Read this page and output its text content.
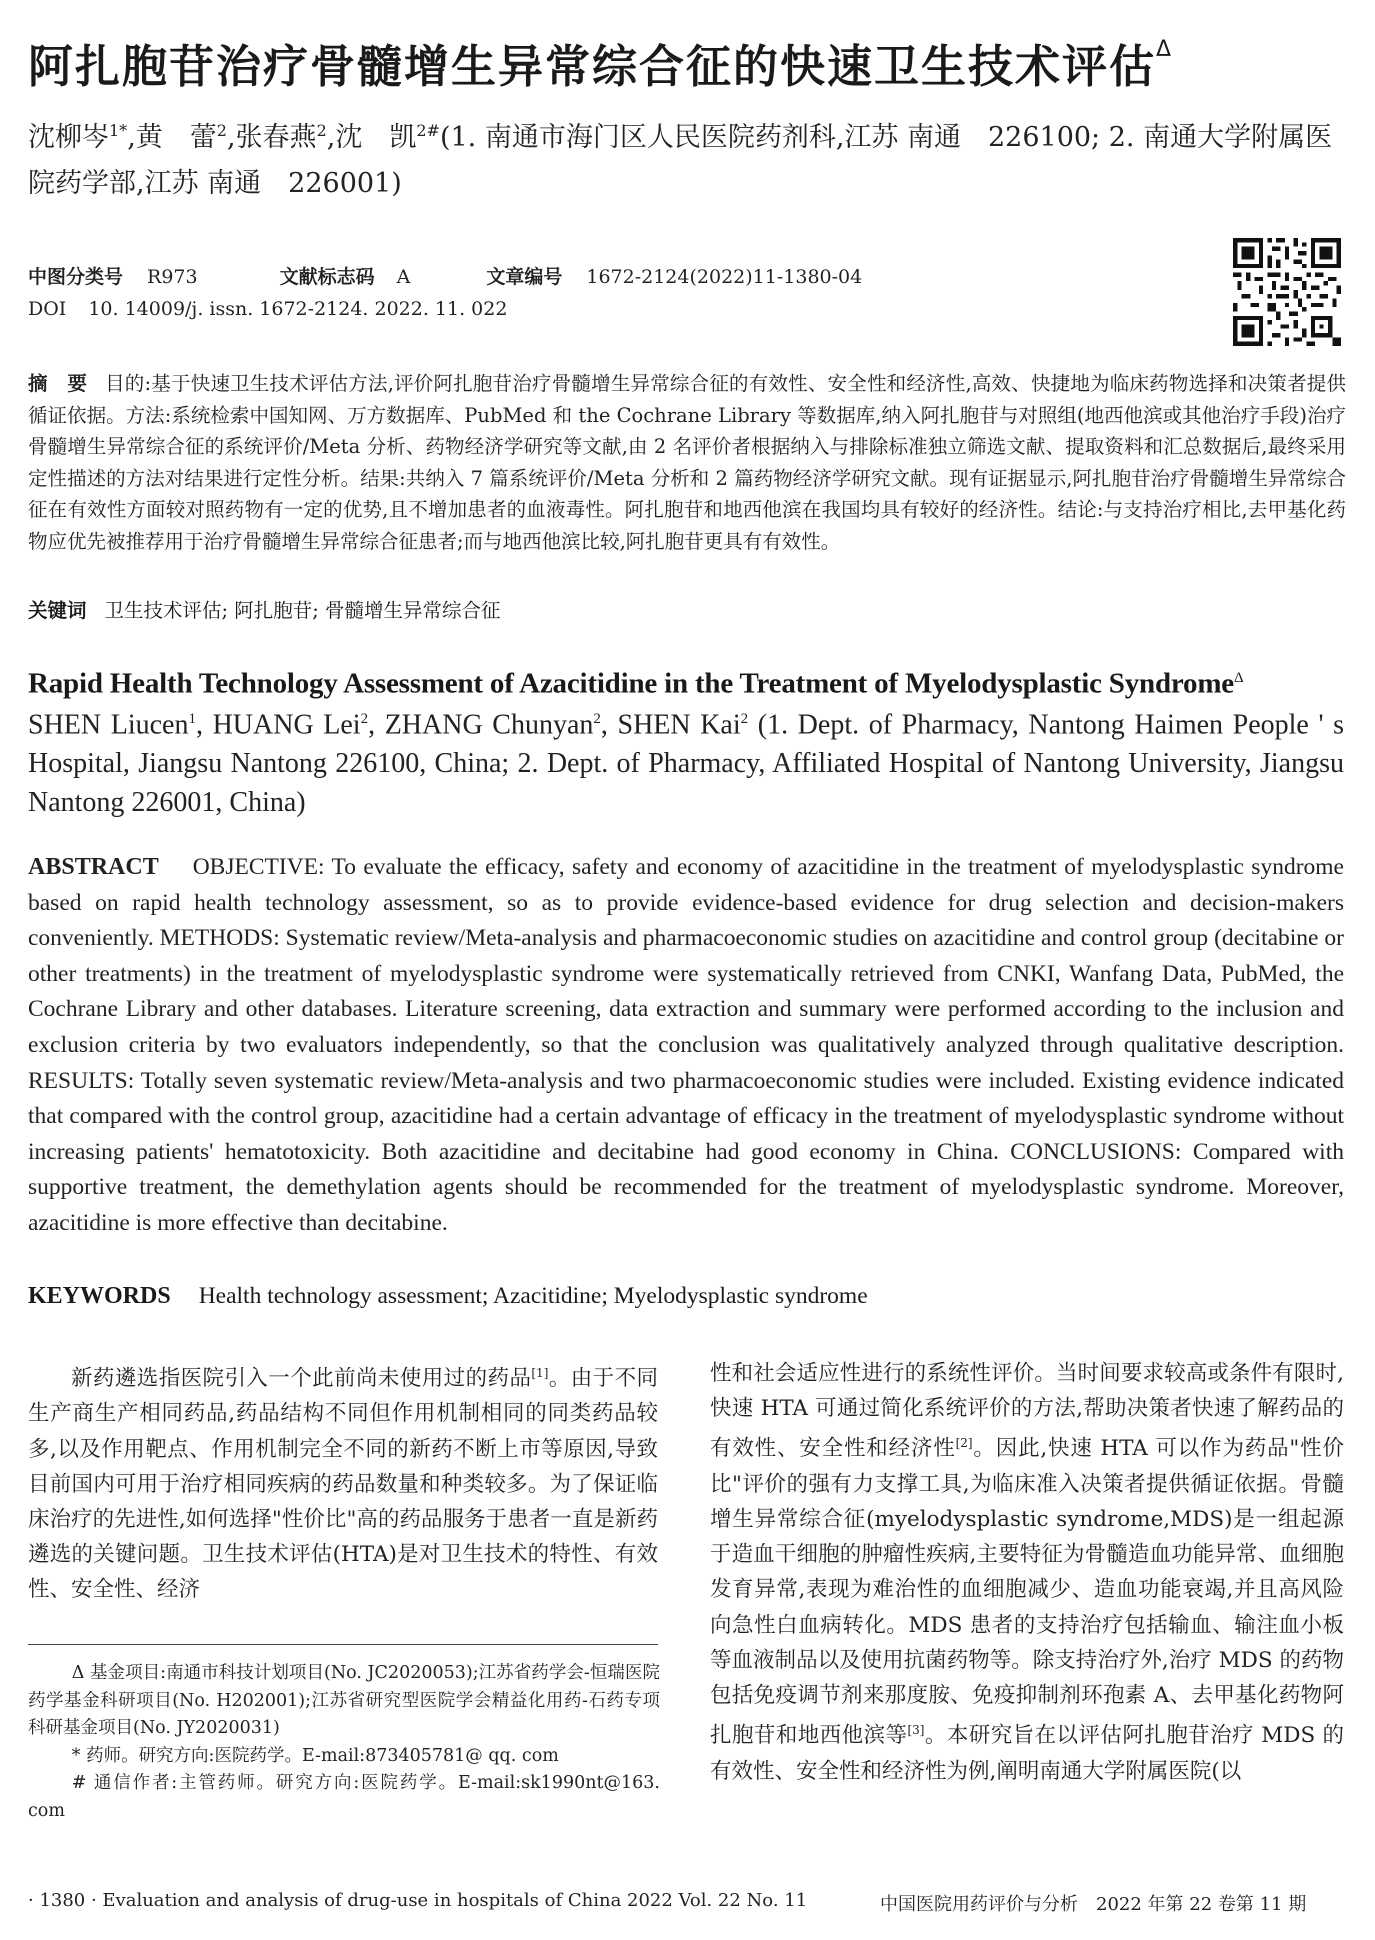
阿扎胞苷治疗骨髓增生异常综合征的快速卫生技术评估$^\Delta$
沈柳岑$^{1*}$,黄　蕾$^2$,张春燕$^2$,沈　凯$^{2\#}$(1. 南通市海门区人民医院药剂科,江苏 南通　226100; 2. 南通大学附属医院药学部,江苏 南通　226001)
中图分类号 R973	文献标志码 A	文章编号 1672-2124(2022)11-1380-04
DOI 10. 14009/j. issn. 1672-2124. 2022. 11. 022
摘　要 目的:基于快速卫生技术评估方法,评价阿扎胞苷治疗骨髓增生异常综合征的有效性、安全性和经济性,高效、快捷地为临床药物选择和决策者提供循证依据。方法:系统检索中国知网、万方数据库、PubMed 和 the Cochrane Library 等数据库,纳入阿扎胞苷与对照组(地西他滨或其他治疗手段)治疗骨髓增生异常综合征的系统评价/Meta 分析、药物经济学研究等文献,由 2 名评价者根据纳入与排除标准独立筛选文献、提取资料和汇总数据后,最终采用定性描述的方法对结果进行定性分析。结果:共纳入 7 篇系统评价/Meta 分析和 2 篇药物经济学研究文献。现有证据显示,阿扎胞苷治疗骨髓增生异常综合征在有效性方面较对照药物有一定的优势,且不增加患者的血液毒性。阿扎胞苷和地西他滨在我国均具有较好的经济性。结论:与支持治疗相比,去甲基化药物应优先被推荐用于治疗骨髓增生异常综合征患者;而与地西他滨比较,阿扎胞苷更具有有效性。
关键词 卫生技术评估; 阿扎胞苷; 骨髓增生异常综合征
Rapid Health Technology Assessment of Azacitidine in the Treatment of Myelodysplastic Syndrome$^\Delta$
SHEN Liucen$^1$, HUANG Lei$^2$, ZHANG Chunyan$^2$, SHEN Kai$^2$ (1. Dept. of Pharmacy, Nantong Haimen People ' s Hospital, Jiangsu Nantong 226100, China; 2. Dept. of Pharmacy, Affiliated Hospital of Nantong University, Jiangsu Nantong 226001, China)
ABSTRACT OBJECTIVE: To evaluate the efficacy, safety and economy of azacitidine in the treatment of myelodysplastic syndrome based on rapid health technology assessment, so as to provide evidence-based evidence for drug selection and decision-makers conveniently. METHODS: Systematic review/Meta-analysis and pharmacoeconomic studies on azacitidine and control group (decitabine or other treatments) in the treatment of myelodysplastic syndrome were systematically retrieved from CNKI, Wanfang Data, PubMed, the Cochrane Library and other databases. Literature screening, data extraction and summary were performed according to the inclusion and exclusion criteria by two evaluators independently, so that the conclusion was qualitatively analyzed through qualitative description. RESULTS: Totally seven systematic review/Meta-analysis and two pharmacoeconomic studies were included. Existing evidence indicated that compared with the control group, azacitidine had a certain advantage of efficacy in the treatment of myelodysplastic syndrome without increasing patients' hematotoxicity. Both azacitidine and decitabine had good economy in China. CONCLUSIONS: Compared with supportive treatment, the demethylation agents should be recommended for the treatment of myelodysplastic syndrome. Moreover, azacitidine is more effective than decitabine.
KEYWORDS Health technology assessment; Azacitidine; Myelodysplastic syndrome
新药遴选指医院引入一个此前尚未使用过的药品[1]。由于不同生产商生产相同药品,药品结构不同但作用机制相同的同类药品较多,以及作用靶点、作用机制完全不同的新药不断上市等原因,导致目前国内可用于治疗相同疾病的药品数量和种类较多。为了保证临床治疗的先进性,如何选择"性价比"高的药品服务于患者一直是新药遴选的关键问题。卫生技术评估(HTA)是对卫生技术的特性、有效性、安全性、经济
性和社会适应性进行的系统性评价。当时间要求较高或条件有限时,快速 HTA 可通过简化系统评价的方法,帮助决策者快速了解药品的有效性、安全性和经济性[2]。因此,快速 HTA 可以作为药品"性价比"评价的强有力支撑工具,为临床准入决策者提供循证依据。骨髓增生异常综合征(myelodysplastic syndrome,MDS)是一组起源于造血干细胞的肿瘤性疾病,主要特征为骨髓造血功能异常、血细胞发育异常,表现为难治性的血细胞减少、造血功能衰竭,并且高风险向急性白血病转化。MDS 患者的支持治疗包括输血、输注血小板等血液制品以及使用抗菌药物等。除支持治疗外,治疗 MDS 的药物包括免疫调节剂来那度胺、免疫抑制剂环孢素 A、去甲基化药物阿扎胞苷和地西他滨等[3]。本研究旨在以评估阿扎胞苷治疗 MDS 的有效性、安全性和经济性为例,阐明南通大学附属医院(以

Δ 基金项目:南通市科技计划项目(No. JC2020053);江苏省药学会-恒瑞医院药学基金科研项目(No. H202001);江苏省研究型医院学会精益化用药-石药专项科研基金项目(No. JY2020031)

* 药师。研究方向:医院药学。E-mail:873405781@ qq. com

# 通信作者:主管药师。研究方向:医院药学。E-mail:sk1990nt@163. com

· 1380 · Evaluation and analysis of drug-use in hospitals of China 2022 Vol. 22 No. 11	中国医院用药评价与分析　2022 年第 22 卷第 11 期
